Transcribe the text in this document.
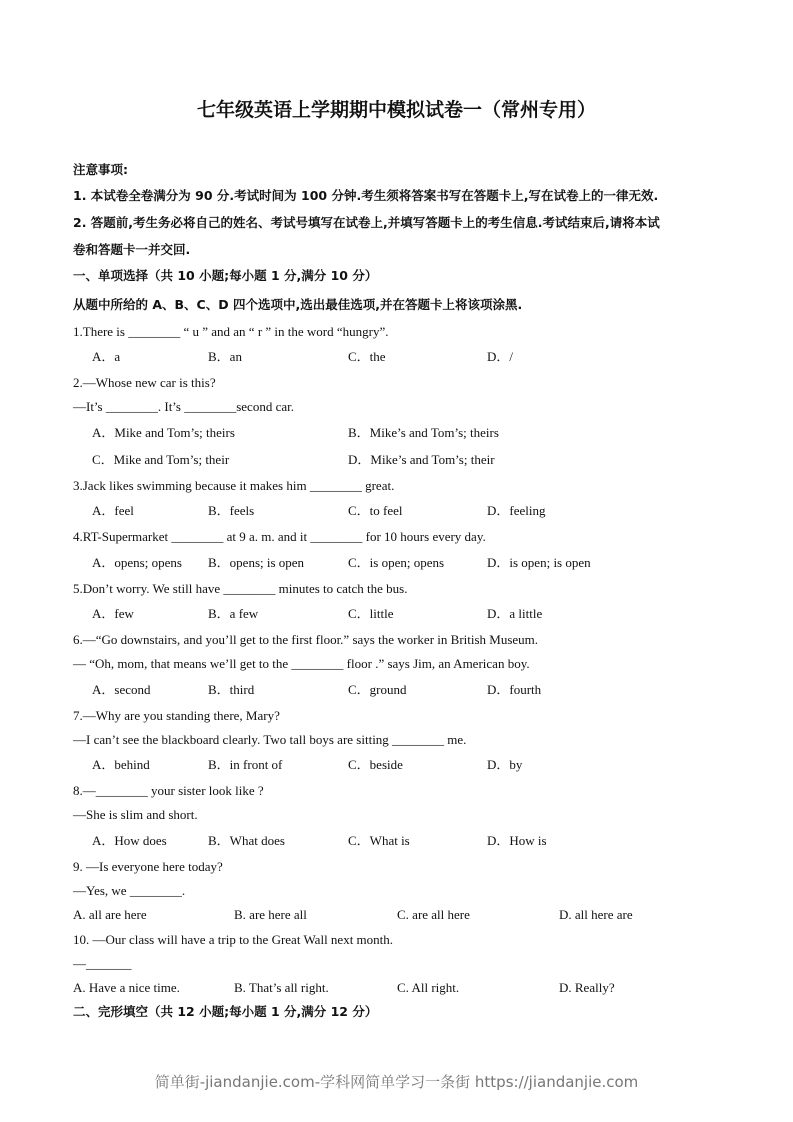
七年级英语上学期期中模拟试卷一（常州专用）
注意事项:
1. 本试卷全卷满分为 90 分.考试时间为 100 分钟.考生须将答案书写在答题卡上,写在试卷上的一律无效.
2. 答题前,考生务必将自己的姓名、考试号填写在试卷上,并填写答题卡上的考生信息.考试结束后,请将本试
卷和答题卡一并交回.
一、单项选择（共 10 小题;每小题 1 分,满分 10 分）
从题中所给的 A、B、C、D 四个选项中,选出最佳选项,并在答题卡上将该项涂黑.
1.There is ________ “ u ” and an “ r ” in the word “hungry”.
A．a	B．an	C．the	D．/
2.—Whose new car is this?
—It’s ________. It’s ________second car.
A．Mike and Tom’s; theirs	B．Mike’s and Tom’s; theirs
C．Mike and Tom’s; their	D．Mike’s and Tom’s; their
3.Jack likes swimming because it makes him ________ great.
A．feel	B．feels	C．to feel	D．feeling
4.RT-Supermarket ________ at 9 a. m. and it ________ for 10 hours every day.
A．opens; opens B．opens; is open	C．is open; opens	D．is open; is open
5.Don’t worry. We still have ________ minutes to catch the bus.
A．few	B．a few	C．little	D．a little
6.—“Go downstairs, and you’ll get to the first floor.” says the worker in British Museum.
— “Oh, mom, that means we’ll get to the ________ floor .” says Jim, an American boy.
A．second	B．third	C．ground	D．fourth
7.—Why are you standing there, Mary?
—I can’t see the blackboard clearly. Two tall boys are sitting ________ me.
A．behind	B．in front of	C．beside	D．by
8.—________ your sister look like ?
—She is slim and short.
A．How does	B．What does	C．What is	D．How is
9. —Is everyone here today?
—Yes, we ________.
A. all are here	B. are here all	C. are all here	D. all here are
10. —Our class will have a trip to the Great Wall next month.
—_______
A. Have a nice time.	B. That’s all right.	C. All right.	D. Really?
二、完形填空（共 12 小题;每小题 1 分,满分 12 分）
简单街-jiandanjie.com-学科网简单学习一条街 https://jiandanjie.com
